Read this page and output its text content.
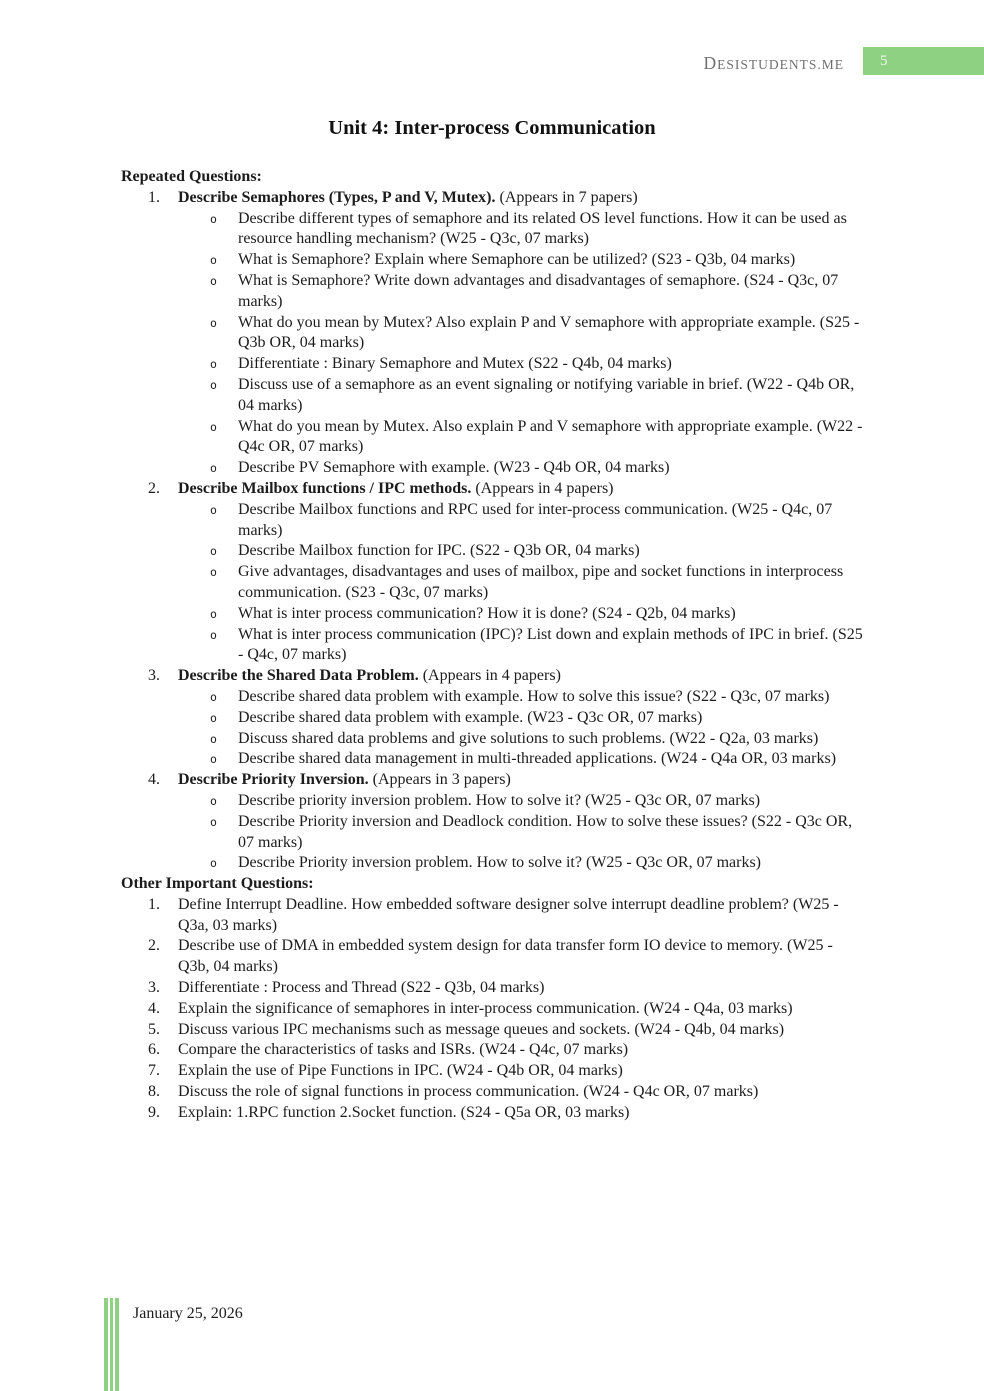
DESISTUDENTS.ME	5
Unit 4: Inter-process Communication
Repeated Questions:
1.	Describe Semaphores (Types, P and V, Mutex). (Appears in 7 papers)
o	Describe different types of semaphore and its related OS level functions. How it can be used as resource handling mechanism? (W25 - Q3c, 07 marks)
o	What is Semaphore? Explain where Semaphore can be utilized? (S23 - Q3b, 04 marks)
o	What is Semaphore? Write down advantages and disadvantages of semaphore. (S24 - Q3c, 07 marks)
o	What do you mean by Mutex? Also explain P and V semaphore with appropriate example. (S25 - Q3b OR, 04 marks)
o	Differentiate : Binary Semaphore and Mutex (S22 - Q4b, 04 marks)
o	Discuss use of a semaphore as an event signaling or notifying variable in brief. (W22 - Q4b OR, 04 marks)
o	What do you mean by Mutex. Also explain P and V semaphore with appropriate example. (W22 - Q4c OR, 07 marks)
o	Describe PV Semaphore with example. (W23 - Q4b OR, 04 marks)
2.	Describe Mailbox functions / IPC methods. (Appears in 4 papers)
o	Describe Mailbox functions and RPC used for inter-process communication. (W25 - Q4c, 07 marks)
o	Describe Mailbox function for IPC. (S22 - Q3b OR, 04 marks)
o	Give advantages, disadvantages and uses of mailbox, pipe and socket functions in interprocess communication. (S23 - Q3c, 07 marks)
o	What is inter process communication? How it is done? (S24 - Q2b, 04 marks)
o	What is inter process communication (IPC)? List down and explain methods of IPC in brief. (S25 - Q4c, 07 marks)
3.	Describe the Shared Data Problem. (Appears in 4 papers)
o	Describe shared data problem with example. How to solve this issue? (S22 - Q3c, 07 marks)
o	Describe shared data problem with example. (W23 - Q3c OR, 07 marks)
o	Discuss shared data problems and give solutions to such problems. (W22 - Q2a, 03 marks)
o	Describe shared data management in multi-threaded applications. (W24 - Q4a OR, 03 marks)
4.	Describe Priority Inversion. (Appears in 3 papers)
o	Describe priority inversion problem. How to solve it? (W25 - Q3c OR, 07 marks)
o	Describe Priority inversion and Deadlock condition. How to solve these issues? (S22 - Q3c OR, 07 marks)
o	Describe Priority inversion problem. How to solve it? (W25 - Q3c OR, 07 marks)
Other Important Questions:
1.	Define Interrupt Deadline. How embedded software designer solve interrupt deadline problem? (W25 - Q3a, 03 marks)
2.	Describe use of DMA in embedded system design for data transfer form IO device to memory. (W25 - Q3b, 04 marks)
3.	Differentiate : Process and Thread (S22 - Q3b, 04 marks)
4.	Explain the significance of semaphores in inter-process communication. (W24 - Q4a, 03 marks)
5.	Discuss various IPC mechanisms such as message queues and sockets. (W24 - Q4b, 04 marks)
6.	Compare the characteristics of tasks and ISRs. (W24 - Q4c, 07 marks)
7.	Explain the use of Pipe Functions in IPC. (W24 - Q4b OR, 04 marks)
8.	Discuss the role of signal functions in process communication. (W24 - Q4c OR, 07 marks)
9.	Explain: 1.RPC function 2.Socket function. (S24 - Q5a OR, 03 marks)
January 25, 2026
